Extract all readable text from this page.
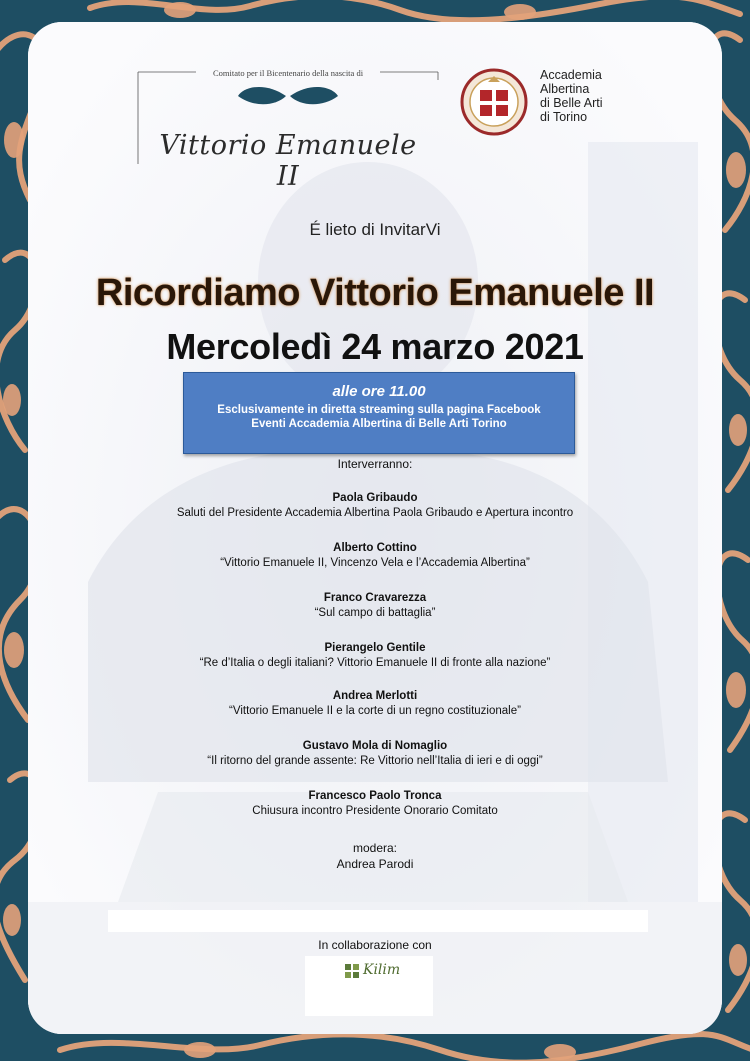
Comitato per il Bicentenario della nascita di
Vittorio Emanuele II
Accademia
Albertina
di Belle Arti
di Torino
É lieto di InvitarVi
Ricordiamo Vittorio Emanuele II
Mercoledì 24 marzo 2021
alle ore 11.00
Esclusivamente in diretta streaming sulla pagina Facebook
Eventi Accademia Albertina di Belle Arti Torino
Interverranno:
Paola Gribaudo
Saluti del Presidente Accademia Albertina Paola Gribaudo e Apertura incontro
Alberto Cottino
“Vittorio Emanuele II, Vincenzo Vela e l’Accademia Albertina”
Franco Cravarezza
“Sul campo di battaglia”
Pierangelo Gentile
“Re d’Italia o degli italiani? Vittorio Emanuele II di fronte alla nazione”
Andrea Merlotti
“Vittorio Emanuele II e la corte di un regno costituzionale”
Gustavo Mola di Nomaglio
“Il ritorno del grande assente: Re Vittorio nell’Italia di ieri e di oggi”
Francesco Paolo Tronca
Chiusura incontro Presidente Onorario Comitato
modera:
Andrea Parodi
In collaborazione con
Kilim
